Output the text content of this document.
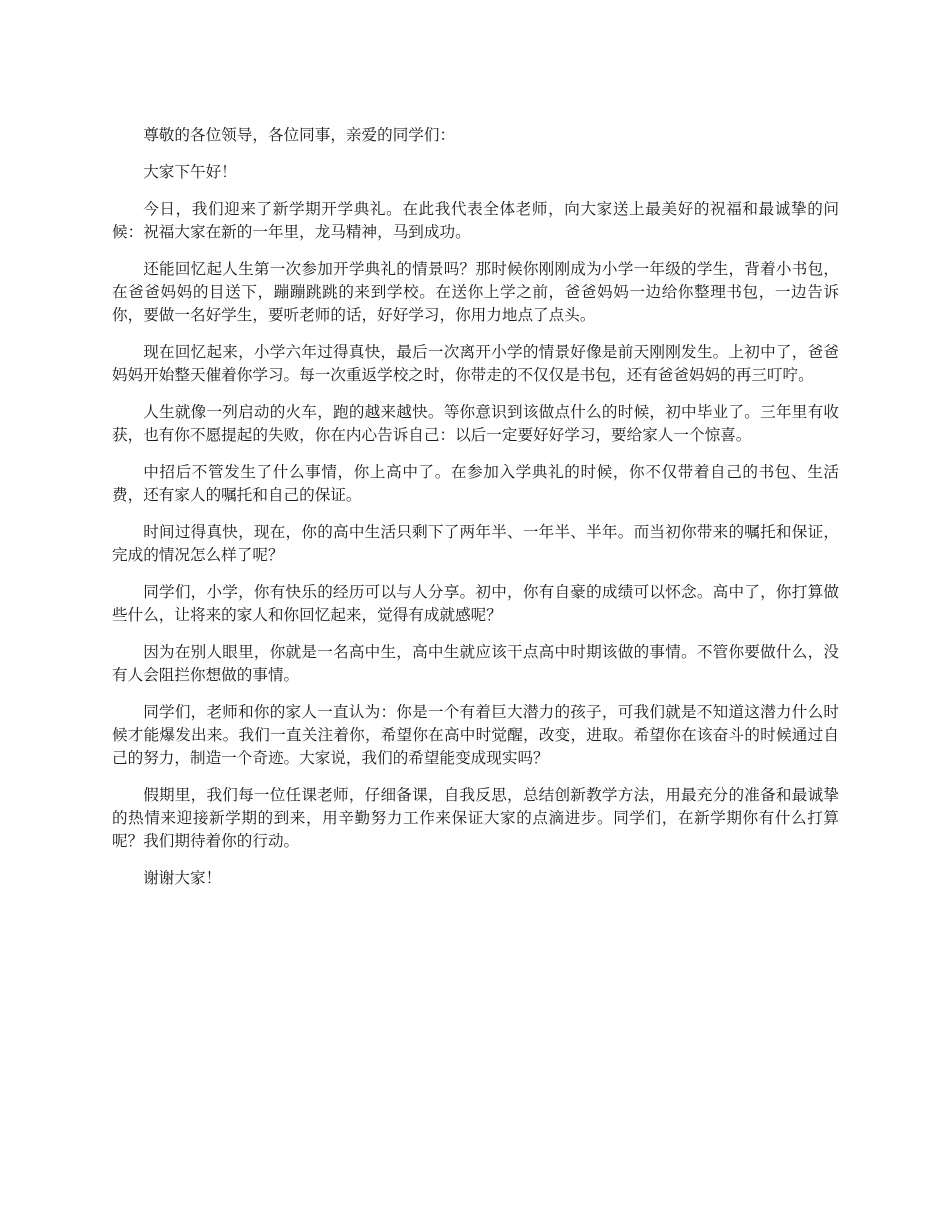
尊敬的各位领导，各位同事，亲爱的同学们：

大家下午好！

今日，我们迎来了新学期开学典礼。在此我代表全体老师，向大家送上最美好的祝福和最诚挚的问候：祝福大家在新的一年里，龙马精神，马到成功。

还能回忆起人生第一次参加开学典礼的情景吗？那时候你刚刚成为小学一年级的学生，背着小书包，在爸爸妈妈的目送下，蹦蹦跳跳的来到学校。在送你上学之前，爸爸妈妈一边给你整理书包，一边告诉你，要做一名好学生，要听老师的话，好好学习，你用力地点了点头。

现在回忆起来，小学六年过得真快，最后一次离开小学的情景好像是前天刚刚发生。上初中了，爸爸妈妈开始整天催着你学习。每一次重返学校之时，你带走的不仅仅是书包，还有爸爸妈妈的再三叮咛。

人生就像一列启动的火车，跑的越来越快。等你意识到该做点什么的时候，初中毕业了。三年里有收获，也有你不愿提起的失败，你在内心告诉自己：以后一定要好好学习，要给家人一个惊喜。

中招后不管发生了什么事情，你上高中了。在参加入学典礼的时候，你不仅带着自己的书包、生活费，还有家人的嘱托和自己的保证。

时间过得真快，现在，你的高中生活只剩下了两年半、一年半、半年。而当初你带来的嘱托和保证，完成的情况怎么样了呢？

同学们，小学，你有快乐的经历可以与人分享。初中，你有自豪的成绩可以怀念。高中了，你打算做些什么，让将来的家人和你回忆起来，觉得有成就感呢？

因为在别人眼里，你就是一名高中生，高中生就应该干点高中时期该做的事情。不管你要做什么，没有人会阻拦你想做的事情。

同学们，老师和你的家人一直认为：你是一个有着巨大潜力的孩子，可我们就是不知道这潜力什么时候才能爆发出来。我们一直关注着你，希望你在高中时觉醒，改变，进取。希望你在该奋斗的时候通过自己的努力，制造一个奇迹。大家说，我们的希望能变成现实吗？

假期里，我们每一位任课老师，仔细备课，自我反思，总结创新教学方法，用最充分的准备和最诚挚的热情来迎接新学期的到来，用辛勤努力工作来保证大家的点滴进步。同学们，在新学期你有什么打算呢？我们期待着你的行动。

谢谢大家！
